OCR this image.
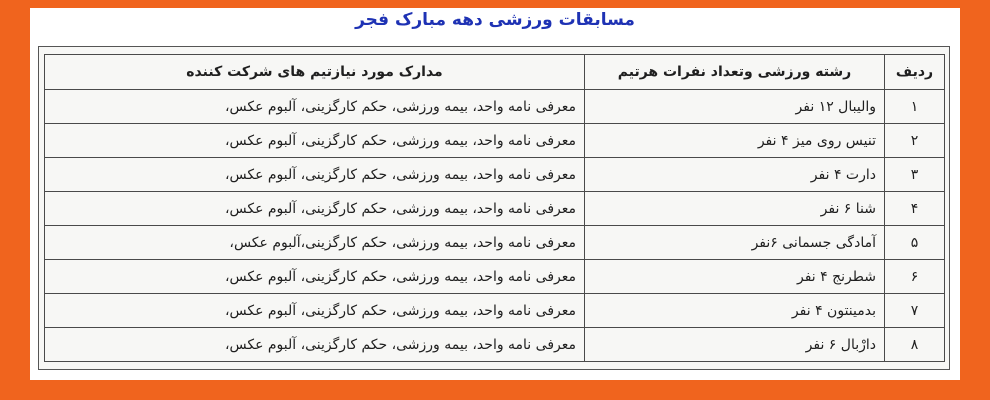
مسابقات ورزشی دهه مبارک فجر
ردیف	رشته ورزشی وتعداد نفرات هرتیم	مدارک مورد نیازتیم های شرکت کننده
۱	والیبال ۱۲ نفر	معرفی نامه واحد، بیمه ورزشی، حکم کارگزینی، آلبوم عکس،
۲	تنیس روی میز ۴ نفر	معرفی نامه واحد، بیمه ورزشی، حکم کارگزینی، آلبوم عکس،
۳	دارت ۴ نفر	معرفی نامه واحد، بیمه ورزشی، حکم کارگزینی، آلبوم عکس،
۴	شنا ۶ نفر	معرفی نامه واحد، بیمه ورزشی، حکم کارگزینی، آلبوم عکس،
۵	آمادگی جسمانی ۶نفر	معرفی نامه واحد، بیمه ورزشی، حکم کارگزینی،آلبوم عکس،
۶	شطرنج ۴ نفر	معرفی نامه واحد، بیمه ورزشی، حکم کارگزینی، آلبوم عکس،
۷	بدمینتون ۴ نفر	معرفی نامه واحد، بیمه ورزشی، حکم کارگزینی، آلبوم عکس،
۸	دارْبال ۶ نفر	معرفی نامه واحد، بیمه ورزشی، حکم کارگزینی، آلبوم عکس،
